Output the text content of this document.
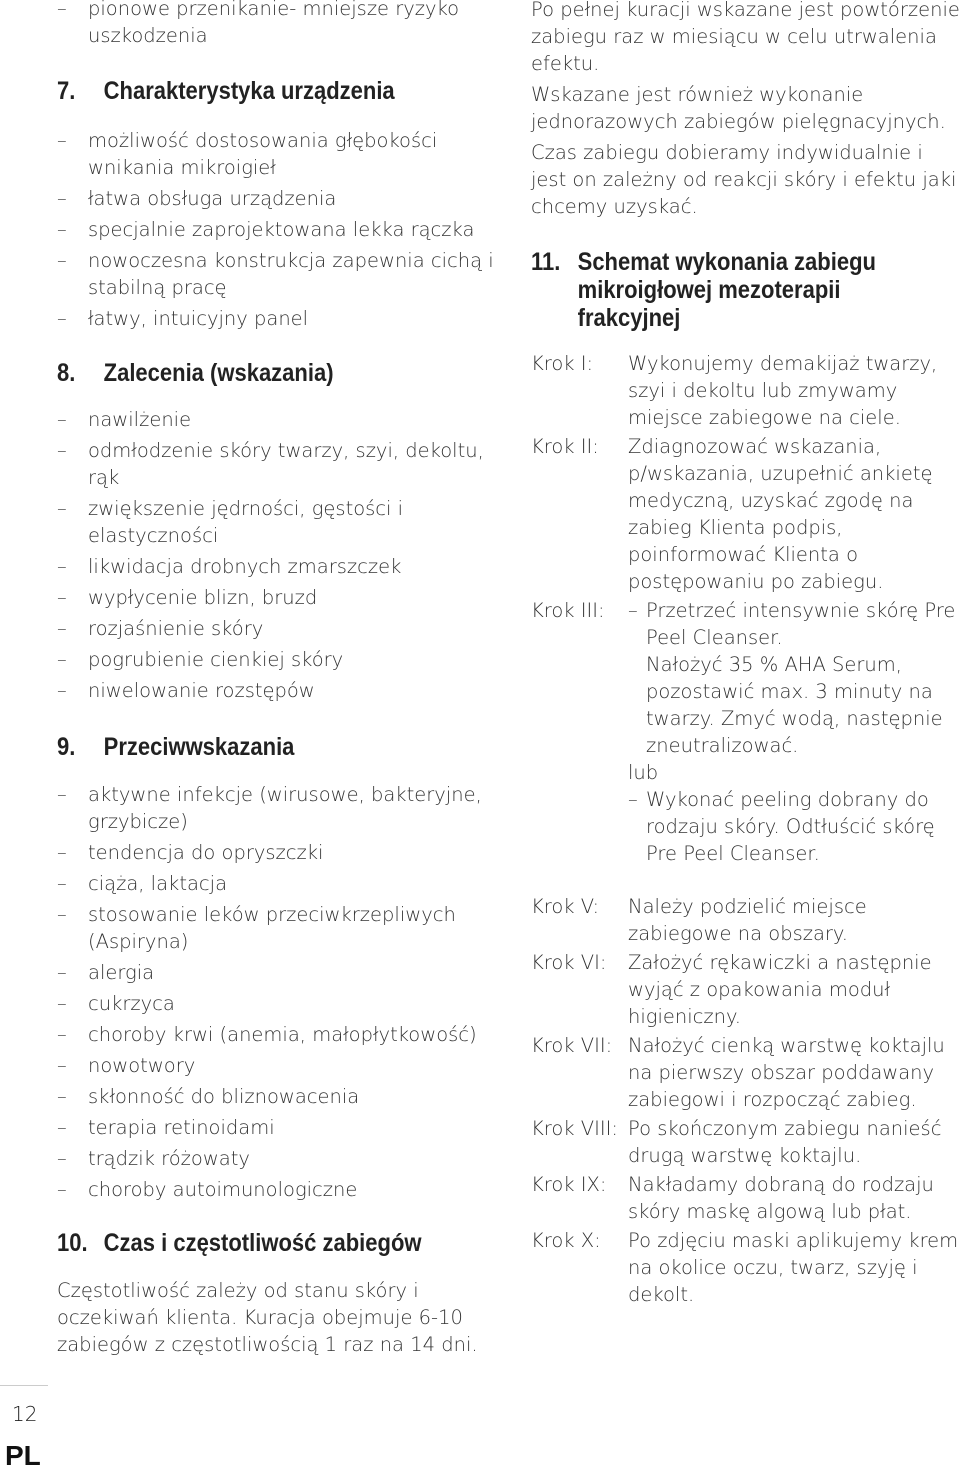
– pionowe przenikanie- mniejsze ryzyko uszkodzenia
7. Charakterystyka urządzenia
– możliwość dostosowania głębokości wnikania mikroigieł
– łatwa obsługa urządzenia
– specjalnie zaprojektowana lekka rączka
– nowoczesna konstrukcja zapewnia cichą i stabilną pracę
– łatwy, intuicyjny panel
8. Zalecenia (wskazania)
– nawilżenie
– odmłodzenie skóry twarzy, szyi, dekoltu, rąk
– zwiększenie jędrności, gęstości i elastyczności
– likwidacja drobnych zmarszczek
– wypłycenie blizn, bruzd
– rozjaśnienie skóry
– pogrubienie cienkiej skóry
– niwelowanie rozstępów
9. Przeciwwskazania
– aktywne infekcje (wirusowe, bakteryjne, grzybicze)
– tendencja do opryszczki
– ciąża, laktacja
– stosowanie leków przeciwkrzepliwych (Aspiryna)
– alergia
– cukrzyca
– choroby krwi (anemia, małopłytkowość)
– nowotwory
– skłonność do bliznowacenia
– terapia retinoidami
– trądzik różowaty
– choroby autoimunologiczne
10. Czas i częstotliwość zabiegów

Częstotliwość zależy od stanu skóry i oczekiwań klienta. Kuracja obejmuje 6-10 zabiegów z częstotliwością 1 raz na 14 dni.

Po pełnej kuracji wskazane jest powtórzenie zabiegu raz w miesiącu w celu utrwalenia efektu.

Wskazane jest również wykonanie jednorazowych zabiegów pielęgnacyjnych.

Czas zabiegu dobieramy indywidualnie i jest on zależny od reakcji skóry i efektu jaki chcemy uzyskać.

11. Schemat wykonania zabiegu mikroigłowej mezoterapii frakcyjnej
Krok I:	Wykonujemy demakijaż twarzy, szyi i dekoltu lub zmywamy miejsce zabiegowe na ciele.
Krok II:	Zdiagnozować wskazania, p/wskazania, uzupełnić ankietę medyczną, uzyskać zgodę na zabieg Klienta podpis, poinformować Klienta o postępowaniu po zabiegu.
Krok III:	– Przetrzeć intensywnie skórę Pre Peel Cleanser.
Nałożyć 35 % AHA Serum, pozostawić max. 3 minuty na twarzy. Zmyć wodą, następnie zneutralizować.
lub
– Wykonać peeling dobrany do rodzaju skóry. Odtłuścić skórę Pre Peel Cleanser.
Krok V:	Należy podzielić miejsce zabiegowe na obszary.
Krok VI:	Założyć rękawiczki a następnie wyjąć z opakowania moduł higieniczny.
Krok VII: Nałożyć cienką warstwę koktajlu na pierwszy obszar poddawany zabiegowi i rozpocząć zabieg.
Krok VIII: Po skończonym zabiegu nanieść drugą warstwę koktajlu.
Krok IX:	Nakładamy dobraną do rodzaju skóry maskę algową lub płat.
Krok X:	Po zdjęciu maski aplikujemy krem na okolice oczu, twarz, szyję i dekolt.
12
PL
